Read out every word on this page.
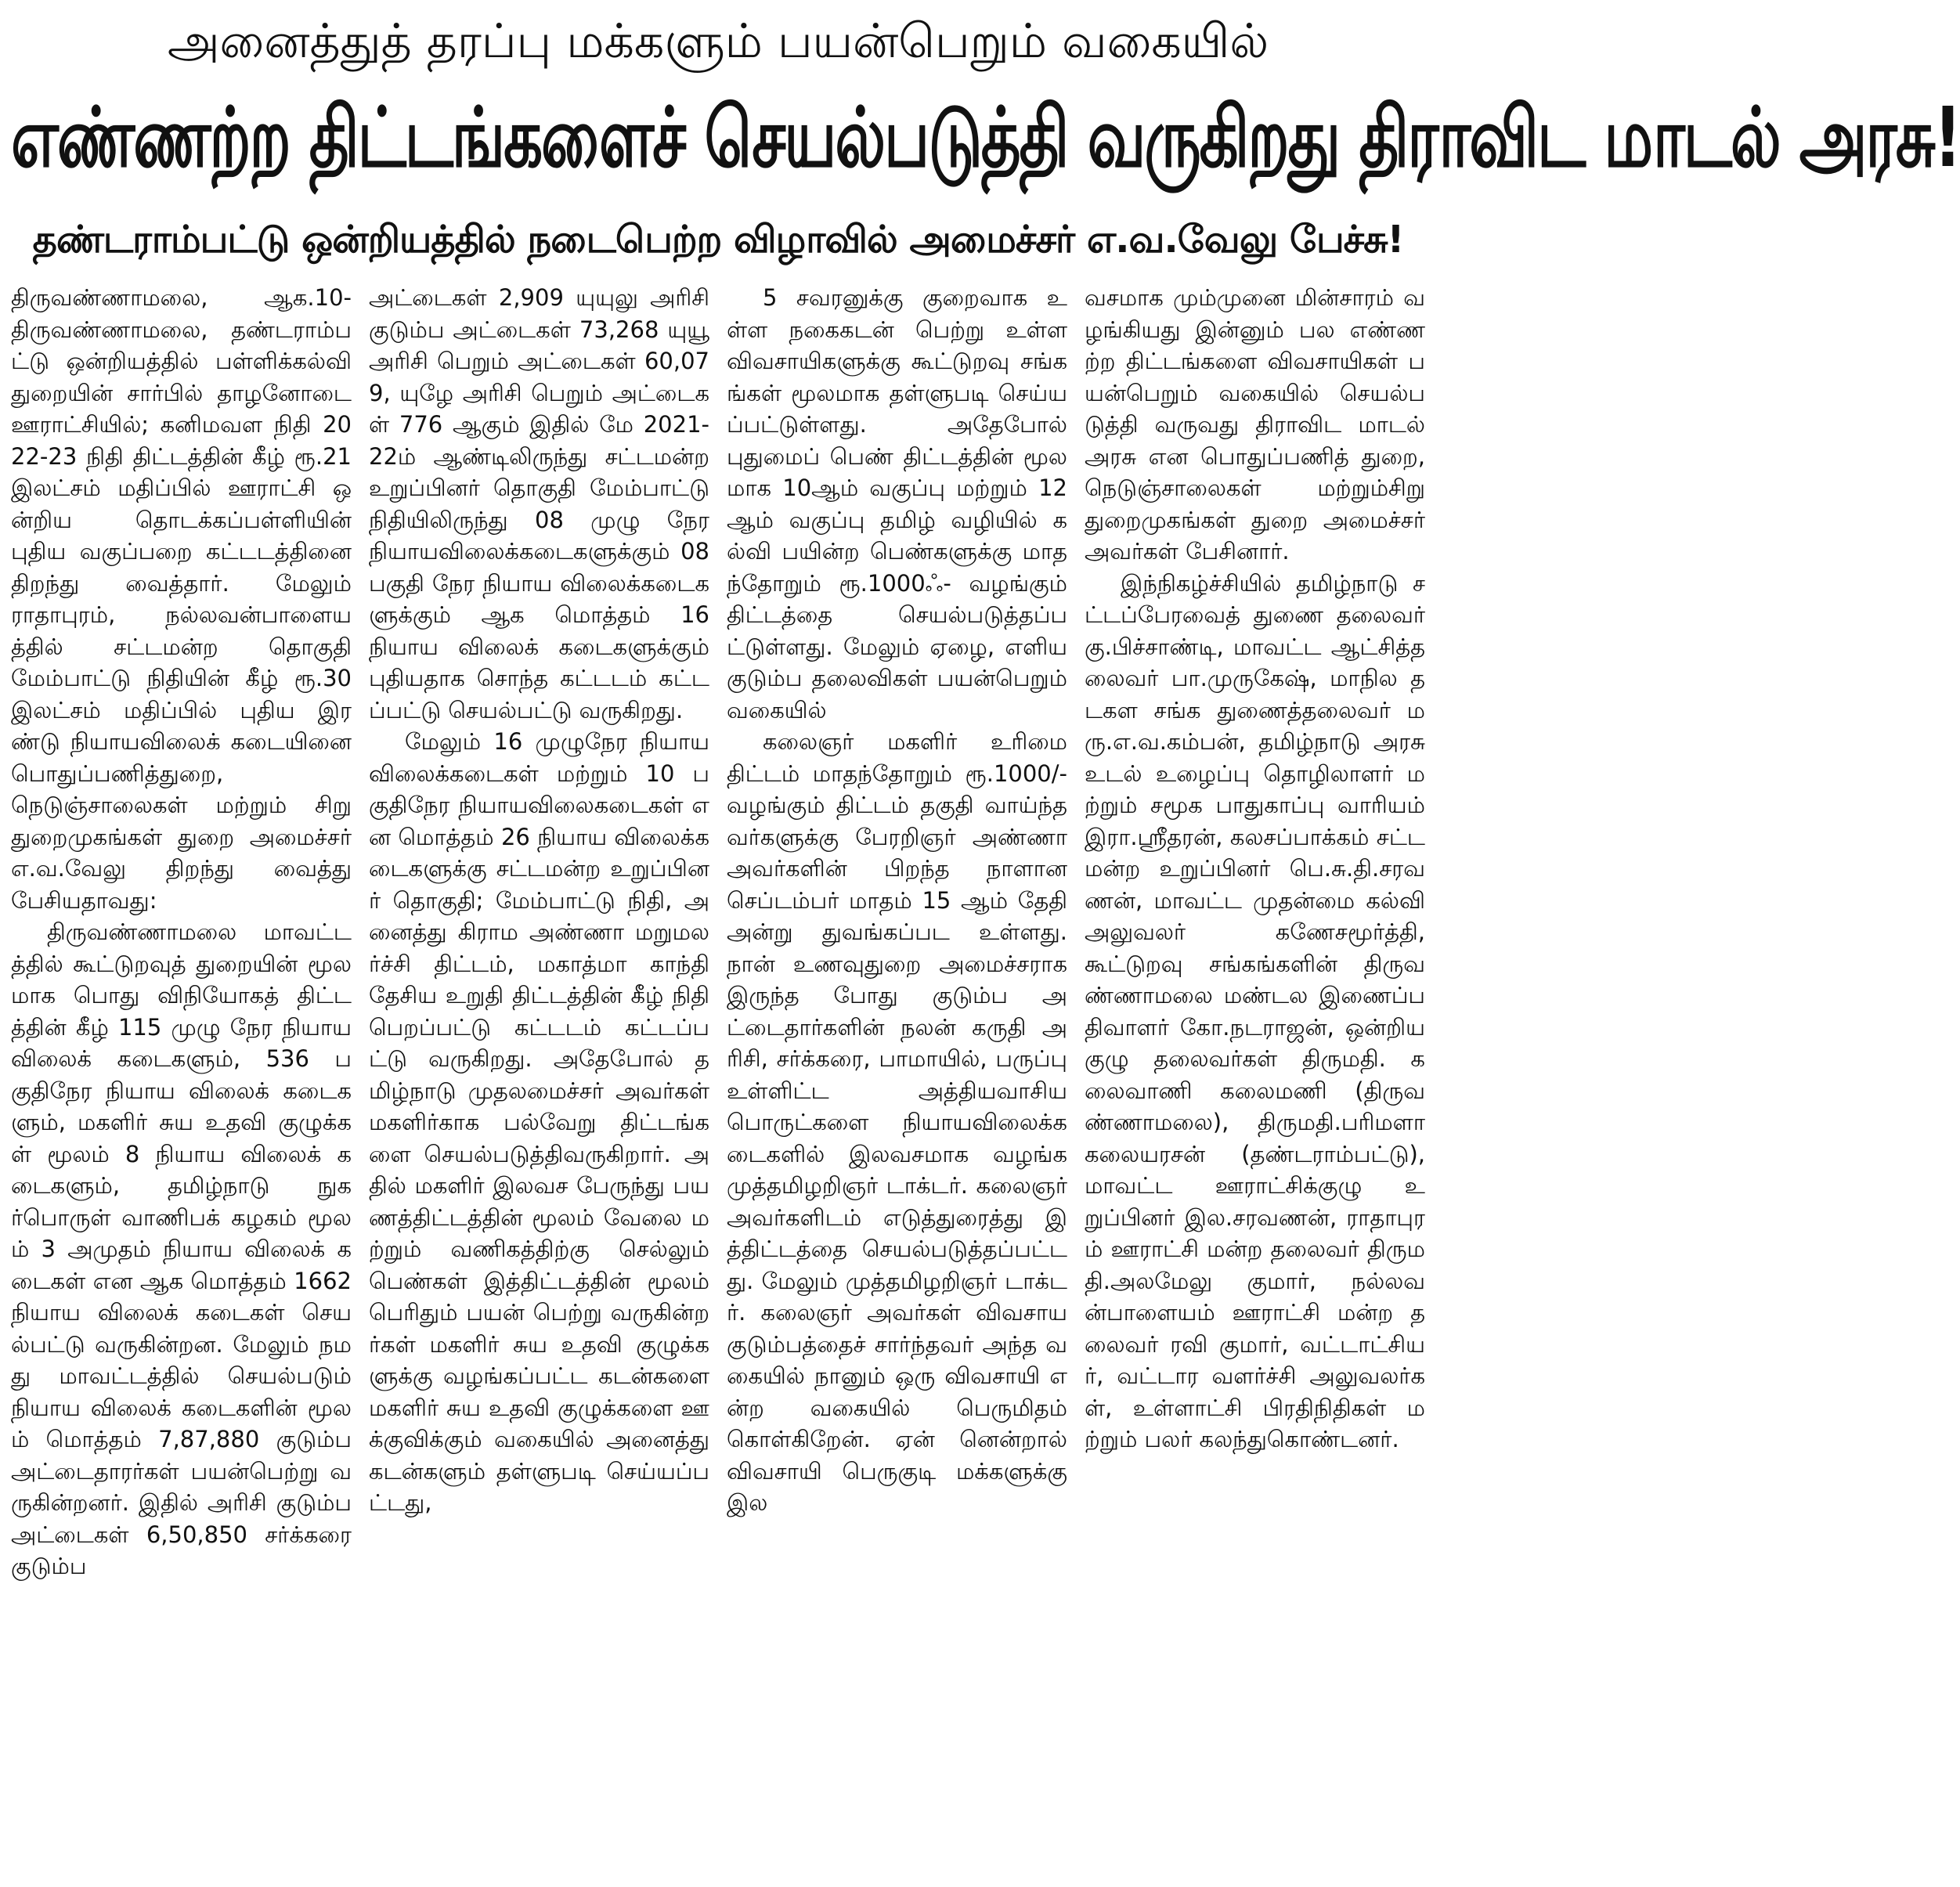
அனைத்துத் தரப்பு மக்களும் பயன்பெறும் வகையில்
எண்ணற்ற திட்டங்களைச் செயல்படுத்தி வருகிறது திராவிட மாடல் அரசு!
தண்டராம்பட்டு ஒன்றியத்தில் நடைபெற்ற விழாவில் அமைச்சர் எ.வ.வேலு பேச்சு!

திருவண்ணாமலை, ஆக.10- திருவண்ணாமலை, தண்டராம்பட்டு ஒன்றியத்தில் பள்ளிக்கல்வி துறையின் சார்பில் தாழனோடை ஊராட்சியில்; கனிமவள நிதி 2022-23 நிதி திட்டத்தின் கீழ் ரூ.21 இலட்சம் மதிப்பில் ஊராட்சி ஒன்றிய தொடக்கப்பள்ளியின் புதிய வகுப்பறை கட்டடத்தினை திறந்து வைத்தார். மேலும் ராதாபுரம், நல்லவன்பாளையத்தில் சட்டமன்ற தொகுதி மேம்பாட்டு நிதியின் கீழ் ரூ.30 இலட்சம் மதிப்பில் புதிய இரண்டு நியாயவிலைக் கடையினை பொதுப்பணித்துறை, நெடுஞ்சாலைகள் மற்றும் சிறு துறைமுகங்கள் துறை அமைச்சர் எ.வ.வேலு திறந்து வைத்து பேசியதாவது:

திருவண்ணாமலை மாவட்டத்தில் கூட்டுறவுத் துறையின் மூலமாக பொது விநியோகத் திட்டத்தின் கீழ் 115 முழு நேர நியாய விலைக் கடைகளும், 536 பகுதிநேர நியாய விலைக் கடைகளும், மகளிர் சுய உதவி குழுக்கள் மூலம் 8 நியாய விலைக் கடைகளும், தமிழ்நாடு நுகர்பொருள் வாணிபக் கழகம் மூலம் 3 அமுதம் நியாய விலைக் கடைகள் என ஆக மொத்தம் 1662 நியாய விலைக் கடைகள் செயல்பட்டு வருகின்றன. மேலும் நமது மாவட்டத்தில் செயல்படும் நியாய விலைக் கடைகளின் மூலம் மொத்தம் 7,87,880 குடும்ப அட்டைதாரர்கள் பயன்பெற்று வருகின்றனர். இதில் அரிசி குடும்ப அட்டைகள் 6,50,850 சர்க்கரை குடும்ப

அட்டைகள் 2,909 யுயுலு அரிசி குடும்ப அட்டைகள் 73,268 யுயூ அரிசி பெறும் அட்டைகள் 60,079, யுழே அரிசி பெறும் அட்டைகள் 776 ஆகும் இதில் மே 2021-22ம் ஆண்டிலிருந்து சட்டமன்ற உறுப்பினர் தொகுதி மேம்பாட்டு நிதியிலிருந்து 08 முழு நேர நியாயவிலைக்கடைகளுக்கும் 08 பகுதி நேர நியாய விலைக்கடைகளுக்கும் ஆக மொத்தம் 16 நியாய விலைக் கடைகளுக்கும் புதியதாக சொந்த கட்டடம் கட்டப்பட்டு செயல்பட்டு வருகிறது.

மேலும் 16 முழுநேர நியாயவிலைக்கடைகள் மற்றும் 10 பகுதிநேர நியாயவிலைகடைகள் என மொத்தம் 26 நியாய விலைக்கடைகளுக்கு சட்டமன்ற உறுப்பினர் தொகுதி; மேம்பாட்டு நிதி, அனைத்து கிராம அண்ணா மறுமலர்ச்சி திட்டம், மகாத்மா காந்தி தேசிய உறுதி திட்டத்தின் கீழ் நிதி பெறப்பட்டு கட்டடம் கட்டப்பட்டு வருகிறது. அதேபோல் தமிழ்நாடு முதலமைச்சர் அவர்கள் மகளிர்காக பல்வேறு திட்டங்களை செயல்படுத்திவருகிறார். அதில் மகளிர் இலவச பேருந்து பயணத்திட்டத்தின் மூலம் வேலை மற்றும் வணிகத்திற்கு செல்லும் பெண்கள் இத்திட்டத்தின் மூலம் பெரிதும் பயன் பெற்று வருகின்றர்கள் மகளிர் சுய உதவி குழுக்களுக்கு வழங்கப்பட்ட கடன்களை மகளிர் சுய உதவி குழுக்களை ஊக்குவிக்கும் வகையில் அனைத்து கடன்களும் தள்ளுபடி செய்யப்பட்டது,

5 சவரனுக்கு குறைவாக உள்ள நகைகடன் பெற்று உள்ள விவசாயிகளுக்கு கூட்டுறவு சங்கங்கள் மூலமாக தள்ளுபடி செய்யப்பட்டுள்ளது. அதேபோல் புதுமைப் பெண் திட்டத்தின் மூலமாக 10ஆம் வகுப்பு மற்றும் 12ஆம் வகுப்பு தமிழ் வழியில் கல்வி பயின்ற பெண்களுக்கு மாதந்தோறும் ரூ.1000ஃ- வழங்கும் திட்டத்தை செயல்படுத்தப்பட்டுள்ளது. மேலும் ஏழை, எளிய குடும்ப தலைவிகள் பயன்பெறும் வகையில்

கலைஞர் மகளிர் உரிமை திட்டம் மாதந்தோறும் ரூ.1000/- வழங்கும் திட்டம் தகுதி வாய்ந்தவர்களுக்கு பேரறிஞர் அண்ணா அவர்களின் பிறந்த நாளான செப்டம்பர் மாதம் 15 ஆம் தேதி அன்று துவங்கப்பட உள்ளது. நான் உணவுதுறை அமைச்சராக இருந்த போது குடும்ப அட்டைதார்களின் நலன் கருதி அரிசி, சர்க்கரை, பாமாயில், பருப்பு உள்ளிட்ட அத்தியவாசிய பொருட்களை நியாயவிலைக்கடைகளில் இலவசமாக வழங்க முத்தமிழறிஞர் டாக்டர். கலைஞர் அவர்களிடம் எடுத்துரைத்து இத்திட்டத்தை செயல்படுத்தப்பட்டது. மேலும் முத்தமிழறிஞர் டாக்டர். கலைஞர் அவர்கள் விவசாய குடும்பத்தைச் சார்ந்தவர் அந்த வகையில் நானும் ஒரு விவசாயி என்ற வகையில் பெருமிதம் கொள்கிறேன். ஏன் னென்றால் விவசாயி பெருகுடி மக்களுக்கு இல

வசமாக மும்முனை மின்சாரம் வழங்கியது இன்னும் பல எண்ணற்ற திட்டங்களை விவசாயிகள் பயன்பெறும் வகையில் செயல்படுத்தி வருவது திராவிட மாடல் அரசு என பொதுப்பணித் துறை, நெடுஞ்சாலைகள் மற்றும்சிறு துறைமுகங்கள் துறை அமைச்சர் அவர்கள் பேசினார்.

இந்நிகழ்ச்சியில் தமிழ்நாடு சட்டப்பேரவைத் துணை தலைவர் கு.பிச்சாண்டி, மாவட்ட ஆட்சித்தலைவர் பா.முருகேஷ், மாநில தடகள சங்க துணைத்தலைவர் மரு.எ.வ.கம்பன், தமிழ்நாடு அரசு உடல் உழைப்பு தொழிலாளர் மற்றும் சமூக பாதுகாப்பு வாரியம் இரா.ஸ்ரீதரன், கலசப்பாக்கம் சட்ட மன்ற உறுப்பினர் பெ.சு.தி.சரவணன், மாவட்ட முதன்மை கல்வி அலுவலர் கணேசமூர்த்தி, கூட்டுறவு சங்கங்களின் திருவண்ணாமலை மண்டல இணைப்பதிவாளர் கோ.நடராஜன், ஒன்றிய குழு தலைவர்கள் திருமதி. கலைவாணி கலைமணி (திருவண்ணாமலை), திருமதி.பரிமளா கலையரசன் (தண்டராம்பட்டு), மாவட்ட ஊராட்சிக்குழு உறுப்பினர் இல.சரவணன், ராதாபுரம் ஊராட்சி மன்ற தலைவர் திருமதி.அலமேலு குமார், நல்லவன்பாளையம் ஊராட்சி மன்ற தலைவர் ரவி குமார், வட்டாட்சியர், வட்டார வளர்ச்சி அலுவலர்கள், உள்ளாட்சி பிரதிநிதிகள் மற்றும் பலர் கலந்துகொண்டனர்.
